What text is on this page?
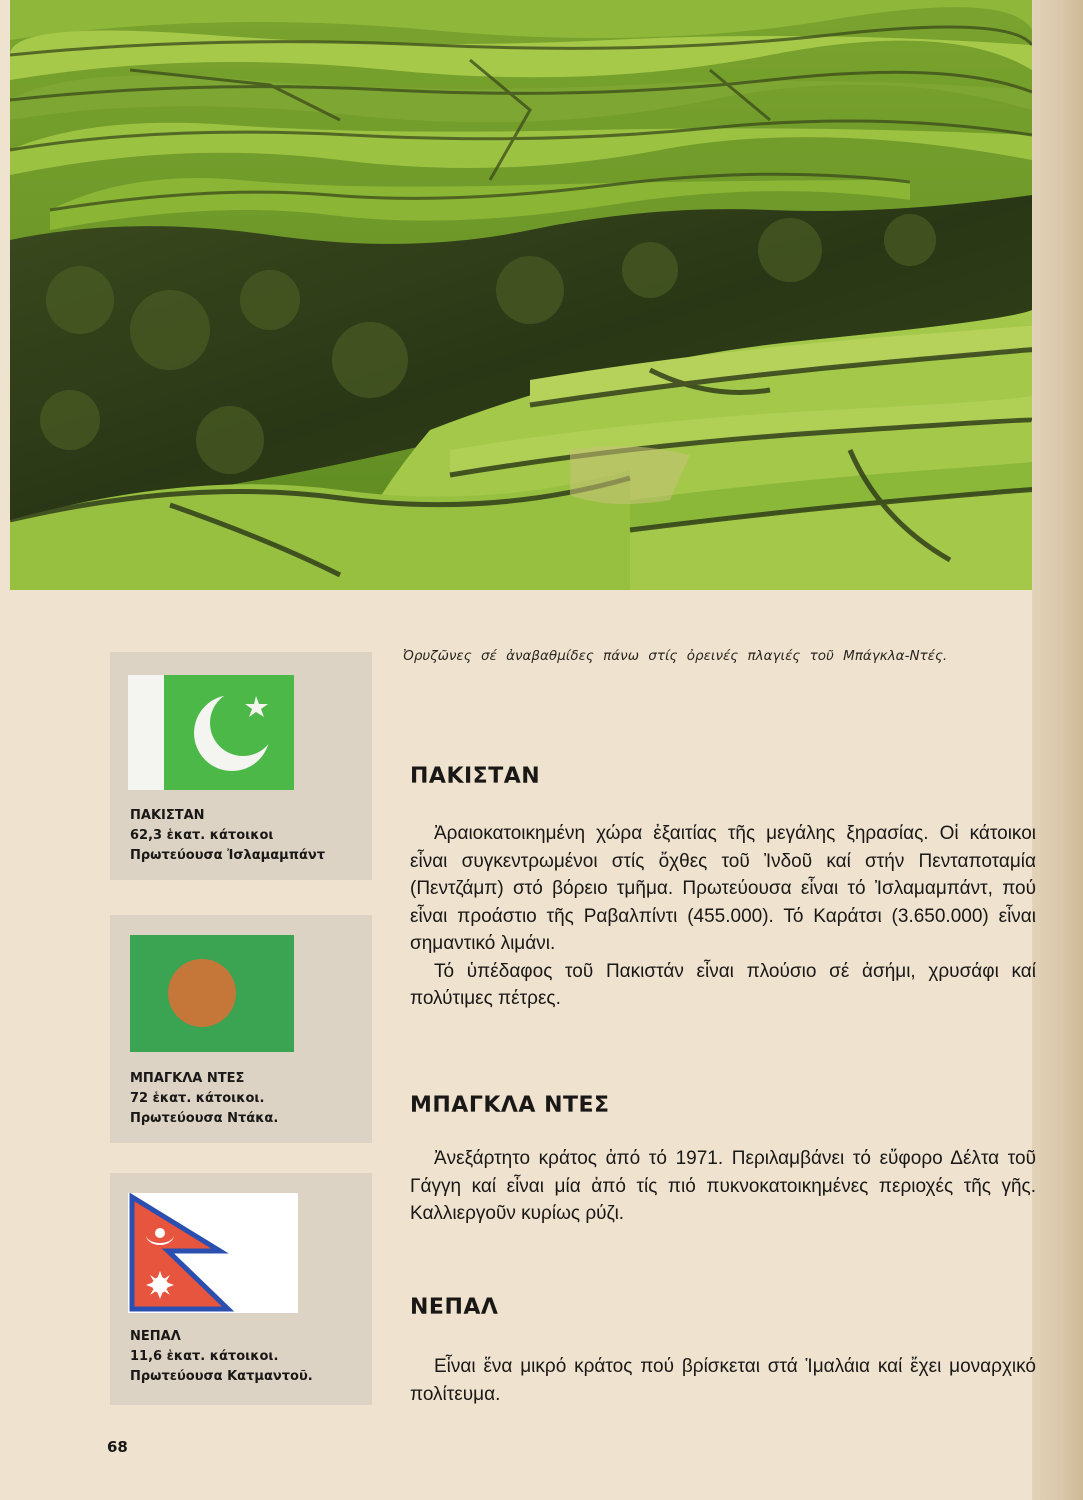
Ὀρυζῶνες σέ ἀναβαθμίδες πάνω στίς ὀρεινές πλαγιές τοῦ Μπάγκλα-Ντές.
ΠΑΚΙΣΤΑΝ
62,3 ἑκατ. κάτοικοι
Πρωτεύουσα Ἰσλαμαμπάντ
ΜΠΑΓΚΛΑ ΝΤΕΣ
72 ἑκατ. κάτοικοι.
Πρωτεύουσα Ντάκα.
ΝΕΠΑΛ
11,6 ἑκατ. κάτοικοι.
Πρωτεύουσα Κατμαντοῦ.
ΠΑΚΙΣΤΑΝ

Ἀραιοκατοικημένη χώρα ἐξαιτίας τῆς μεγάλης ξηρασίας. Οἱ κάτοικοι εἶναι συγκεντρωμένοι στίς ὄχθες τοῦ Ἰνδοῦ καί στήν Πενταποταμία (Πεντζάμπ) στό βόρειο τμῆμα. Πρωτεύουσα εἶναι τό Ἰσλαμαμπάντ, πού εἶναι προάστιο τῆς Ραβαλπίντι (455.000). Τό Καράτσι (3.650.000) εἶναι σημαντικό λιμάνι.

Τό ὑπέδαφος τοῦ Πακιστάν εἶναι πλούσιο σέ ἀσήμι, χρυσάφι καί πολύτιμες πέτρες.

ΜΠΑΓΚΛΑ ΝΤΕΣ

Ἀνεξάρτητο κράτος ἀπό τό 1971. Περιλαμβάνει τό εὔφορο Δέλτα τοῦ Γάγγη καί εἶναι μία ἀπό τίς πιό πυκνοκατοικημένες περιοχές τῆς γῆς. Καλλιεργοῦν κυρίως ρύζι.

ΝΕΠΑΛ

Εἶναι ἕνα μικρό κράτος πού βρίσκεται στά Ἱμαλάια καί ἔχει μοναρχικό πολίτευμα.

68
